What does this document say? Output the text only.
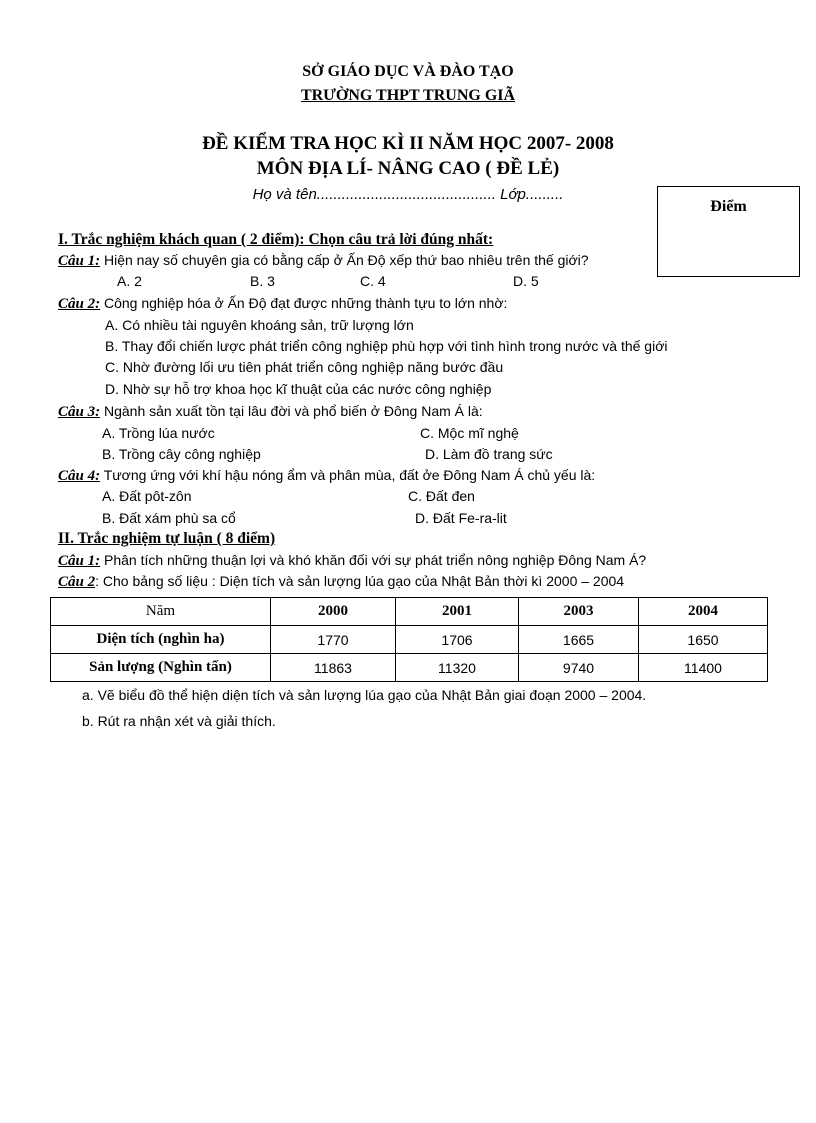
SỞ GIÁO DỤC VÀ ĐÀO TẠO
TRƯỜNG THPT TRUNG GIÃ
ĐỀ KIỂM TRA HỌC KÌ II NĂM HỌC 2007- 2008
MÔN ĐỊA LÍ- NÂNG CAO ( ĐỀ LẺ)
Họ và tên........................................... Lớp.........
Điểm
I. Trắc nghiệm khách quan ( 2 điểm): Chọn câu trả lời đúng nhất:
Câu 1: Hiện nay số chuyên gia có bằng cấp ở Ấn Độ xếp thứ bao nhiêu trên thế giới?
A. 2	B. 3	C. 4	D. 5
Câu 2: Công nghiệp hóa ở Ấn Độ đạt được những thành tựu to lớn nhờ:
A. Có nhiều tài nguyên khoáng sản, trữ lượng lớn
B. Thay đổi chiến lược phát triển công nghiệp phù hợp với tình hình trong nước và thế giới
C. Nhờ đường lối ưu tiên phát triển công nghiệp năng bước đầu
D. Nhờ sự hỗ trợ khoa học kĩ thuật của các nước công nghiệp
Câu 3: Ngành sản xuất tồn tại lâu đời và phổ biến ở Đông Nam Á là:
A. Trồng lúa nước	C. Mộc mĩ nghệ
B. Trồng cây công nghiệp	D. Làm đồ trang sức
Câu 4: Tương ứng với khí hậu nóng ẩm và phân mùa, đất ởe Đông Nam Á chủ yếu là:
A. Đất pôt-zôn	C. Đất đen
B. Đất xám phù sa cổ	D. Đất Fe-ra-lit
II. Trắc nghiệm tự luận ( 8 điểm)
Câu 1: Phân tích những thuận lợi và khó khăn đối với sự phát triển nông nghiệp Đông Nam Á?
Câu 2: Cho bảng số liệu : Diện tích và sản lượng lúa gạo của Nhật Bản thời kì 2000 – 2004
Năm	2000	2001	2003	2004
Diện tích (nghìn ha)	1770	1706	1665	1650
Sản lượng (Nghìn tấn)	11863	11320	9740	11400
a. Vẽ biểu đồ thể hiện diện tích và sản lượng lúa gạo của Nhật Bản giai đoạn 2000 – 2004.
b. Rút ra nhận xét và giải thích.
